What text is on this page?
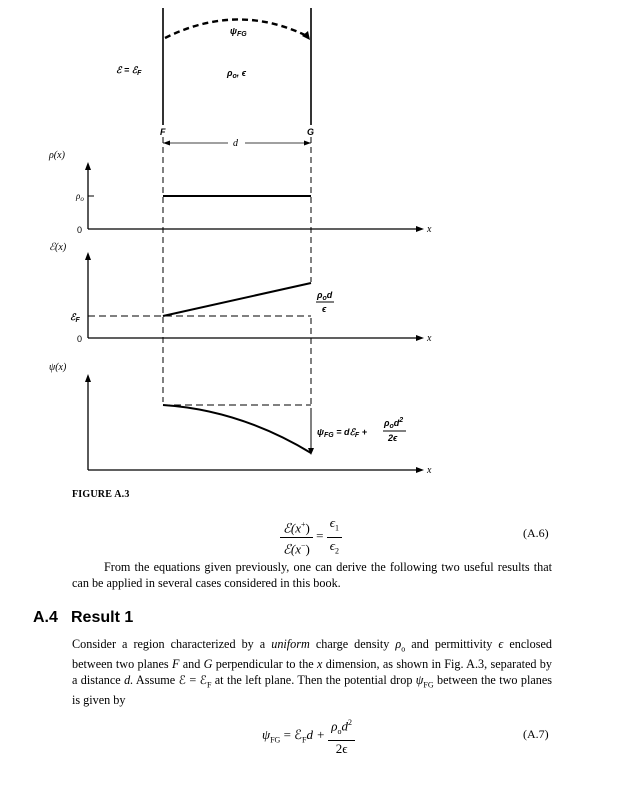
$\psi_{FG}$
ℰ = ℰ$_F$	$\rho_o$, ϵ
F	G
d
ρ(x)
$\rho_o$
0	x
ℰ(x)
ℰ$_F$
0	x
$\rho_od$
ϵ
ψ(x)
x
$\psi_{FG}$ = dℰ$_F$ +
$\rho_od^2$
2ϵ
FIGURE A.3
$\frac{ℰ(x^+)}{ℰ(x^-)} = \frac{\epsilon_1}{\epsilon_2}$	(A.6)
From the equations given previously, one can derive the following two useful results that can be applied in several cases considered in this book.
A.4 Result 1
Consider a region characterized by a uniform charge density $\rho_o$ and permittivity ϵ enclosed between two planes F and G perpendicular to the x dimension, as shown in Fig. A.3, separated by a distance d. Assume ℰ = ℰ$_F$ at the left plane. Then the potential drop $\psi_{FG}$ between the two planes is given by
$\psi_{FG}$ = ℰ$_F$d + $\frac{\rho_od^2}{2\epsilon}$	(A.7)
